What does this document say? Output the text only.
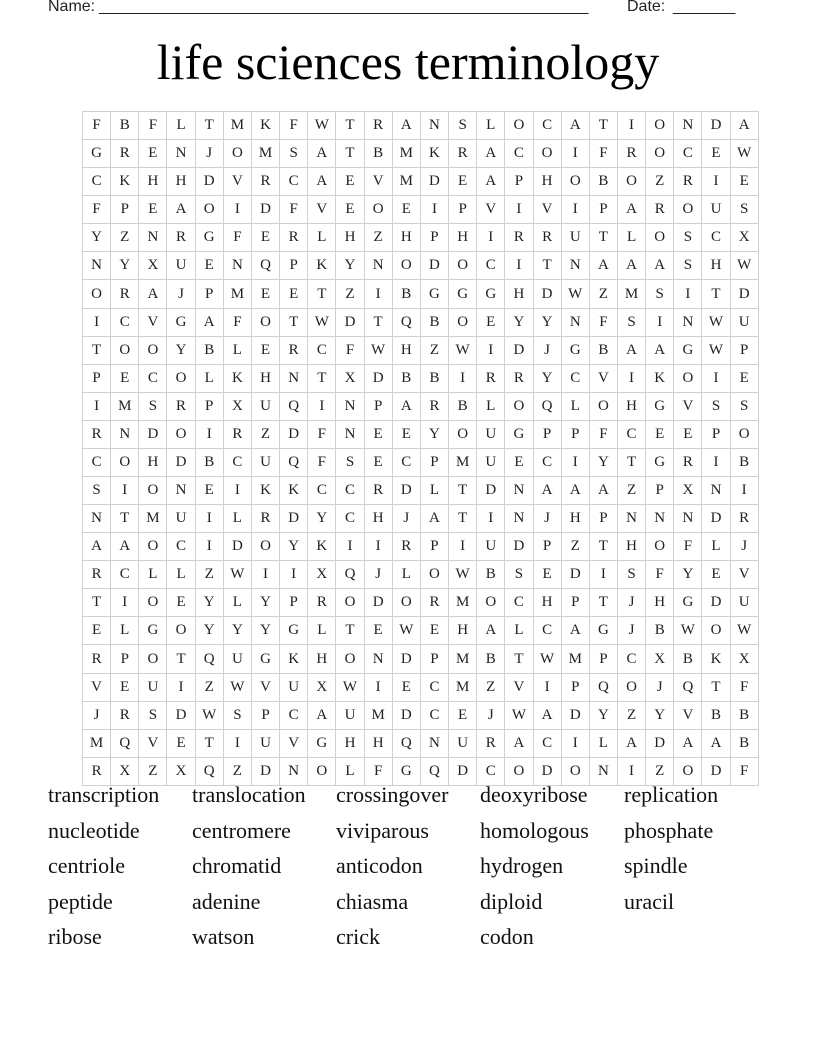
Name: _______________________________________________________ Date: _______
life sciences terminology
F	B	F	L	T	M	K	F	W	T	R	A	N	S	L	O	C	A	T	I	O	N	D	A
G	R	E	N	J	O	M	S	A	T	B	M	K	R	A	C	O	I	F	R	O	C	E	W
C	K	H	H	D	V	R	C	A	E	V	M	D	E	A	P	H	O	B	O	Z	R	I	E
F	P	E	A	O	I	D	F	V	E	O	E	I	P	V	I	V	I	P	A	R	O	U	S
Y	Z	N	R	G	F	E	R	L	H	Z	H	P	H	I	R	R	U	T	L	O	S	C	X
N	Y	X	U	E	N	Q	P	K	Y	N	O	D	O	C	I	T	N	A	A	A	S	H	W
O	R	A	J	P	M	E	E	T	Z	I	B	G	G	G	H	D	W	Z	M	S	I	T	D
I	C	V	G	A	F	O	T	W	D	T	Q	B	O	E	Y	Y	N	F	S	I	N	W	U
T	O	O	Y	B	L	E	R	C	F	W	H	Z	W	I	D	J	G	B	A	A	G	W	P
P	E	C	O	L	K	H	N	T	X	D	B	B	I	R	R	Y	C	V	I	K	O	I	E
I	M	S	R	P	X	U	Q	I	N	P	A	R	B	L	O	Q	L	O	H	G	V	S	S
R	N	D	O	I	R	Z	D	F	N	E	E	Y	O	U	G	P	P	F	C	E	E	P	O
C	O	H	D	B	C	U	Q	F	S	E	C	P	M	U	E	C	I	Y	T	G	R	I	B
S	I	O	N	E	I	K	K	C	C	R	D	L	T	D	N	A	A	A	Z	P	X	N	I
N	T	M	U	I	L	R	D	Y	C	H	J	A	T	I	N	J	H	P	N	N	N	D	R
A	A	O	C	I	D	O	Y	K	I	I	R	P	I	U	D	P	Z	T	H	O	F	L	J
R	C	L	L	Z	W	I	I	X	Q	J	L	O	W	B	S	E	D	I	S	F	Y	E	V
T	I	O	E	Y	L	Y	P	R	O	D	O	R	M	O	C	H	P	T	J	H	G	D	U
E	L	G	O	Y	Y	Y	G	L	T	E	W	E	H	A	L	C	A	G	J	B	W	O	W
R	P	O	T	Q	U	G	K	H	O	N	D	P	M	B	T	W	M	P	C	X	B	K	X
V	E	U	I	Z	W	V	U	X	W	I	E	C	M	Z	V	I	P	Q	O	J	Q	T	F
J	R	S	D	W	S	P	C	A	U	M	D	C	E	J	W	A	D	Y	Z	Y	V	B	B
M	Q	V	E	T	I	U	V	G	H	H	Q	N	U	R	A	C	I	L	A	D	A	A	B
R	X	Z	X	Q	Z	D	N	O	L	F	G	Q	D	C	O	D	O	N	I	Z	O	D	F
transcription translocation crossingover deoxyribose replication
nucleotide centromere viviparous homologous phosphate
centriole	chromatid anticodon	hydrogen	spindle
peptide	adenine	chiasma	diploid	uracil
ribose	watson	crick	codon
